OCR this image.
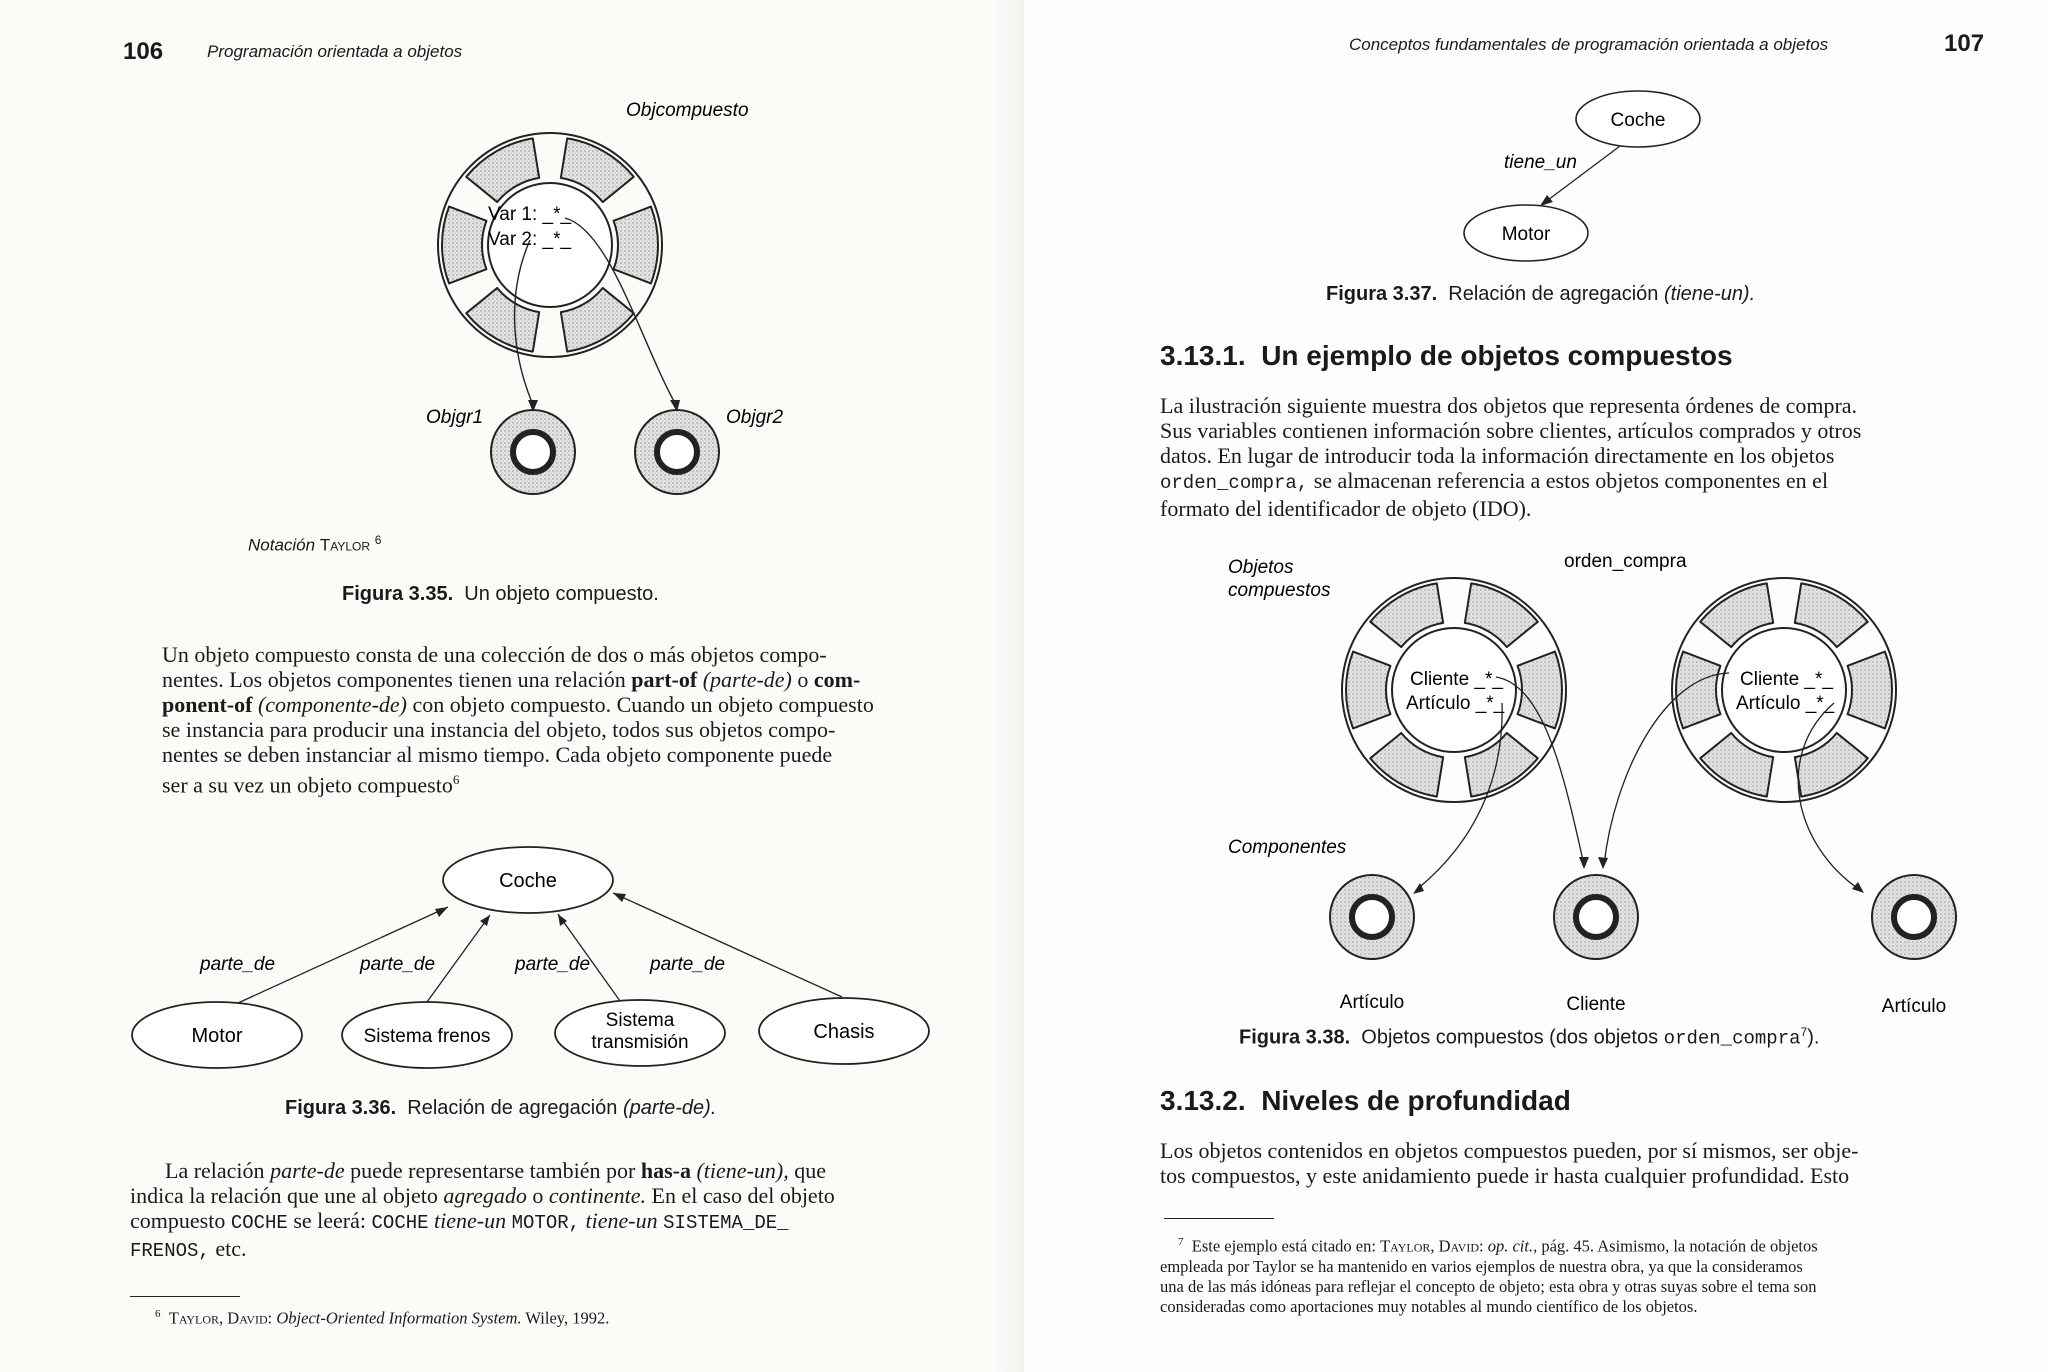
106	Programación orientada a objetos
Var 1: _*_
Var 2: _*_
Objcompuesto
Objgr1	Objgr2
Notación Taylor $^6$
Figura 3.35. Un objeto compuesto.
Un objeto compuesto consta de una colección de dos o más objetos compo-
nentes. Los objetos componentes tienen una relación part-of (parte-de) o com-
ponent-of (componente-de) con objeto compuesto. Cuando un objeto compuesto
se instancia para producir una instancia del objeto, todos sus objetos compo-
nentes se deben instanciar al mismo tiempo. Cada objeto componente puede
ser a su vez un objeto compuesto$^6$
Coche
Motor	Sistema frenos
Sistema
transmisión	Chasis
parte_de	parte_de	parte_de	parte_de
Figura 3.36. Relación de agregación (parte-de).
La relación parte-de puede representarse también por has-a (tiene-un), que
indica la relación que une al objeto agregado o continente. En el caso del objeto
compuesto COCHE se leerá: COCHE tiene-un MOTOR, tiene-un SISTEMA_DE_
FRENOS, etc.
$^6$ Taylor, David: Object-Oriented Information System. Wiley, 1992.
Conceptos fundamentales de programación orientada a objetos	107
Coche
Motor
tiene_un
Figura 3.37. Relación de agregación (tiene-un).
3.13.1. Un ejemplo de objetos compuestos
La ilustración siguiente muestra dos objetos que representa órdenes de compra.
Sus variables contienen información sobre clientes, artículos comprados y otros
datos. En lugar de introducir toda la información directamente en los objetos
orden_compra, se almacenan referencia a estos objetos componentes en el
formato del identificador de objeto (IDO).
Objetos
compuestos
orden_compra
Cliente _*_
Artículo _*_
Cliente _*_
Artículo _*_
Componentes
Artículo	Cliente	Artículo
Figura 3.38. Objetos compuestos (dos objetos orden_compra$^7$).
3.13.2. Niveles de profundidad
Los objetos contenidos en objetos compuestos pueden, por sí mismos, ser obje-
tos compuestos, y este anidamiento puede ir hasta cualquier profundidad. Esto
$^7$ Este ejemplo está citado en: Taylor, David: op. cit., pág. 45. Asimismo, la notación de objetos
empleada por Taylor se ha mantenido en varios ejemplos de nuestra obra, ya que la consideramos
una de las más idóneas para reflejar el concepto de objeto; esta obra y otras suyas sobre el tema son
consideradas como aportaciones muy notables al mundo científico de los objetos.
